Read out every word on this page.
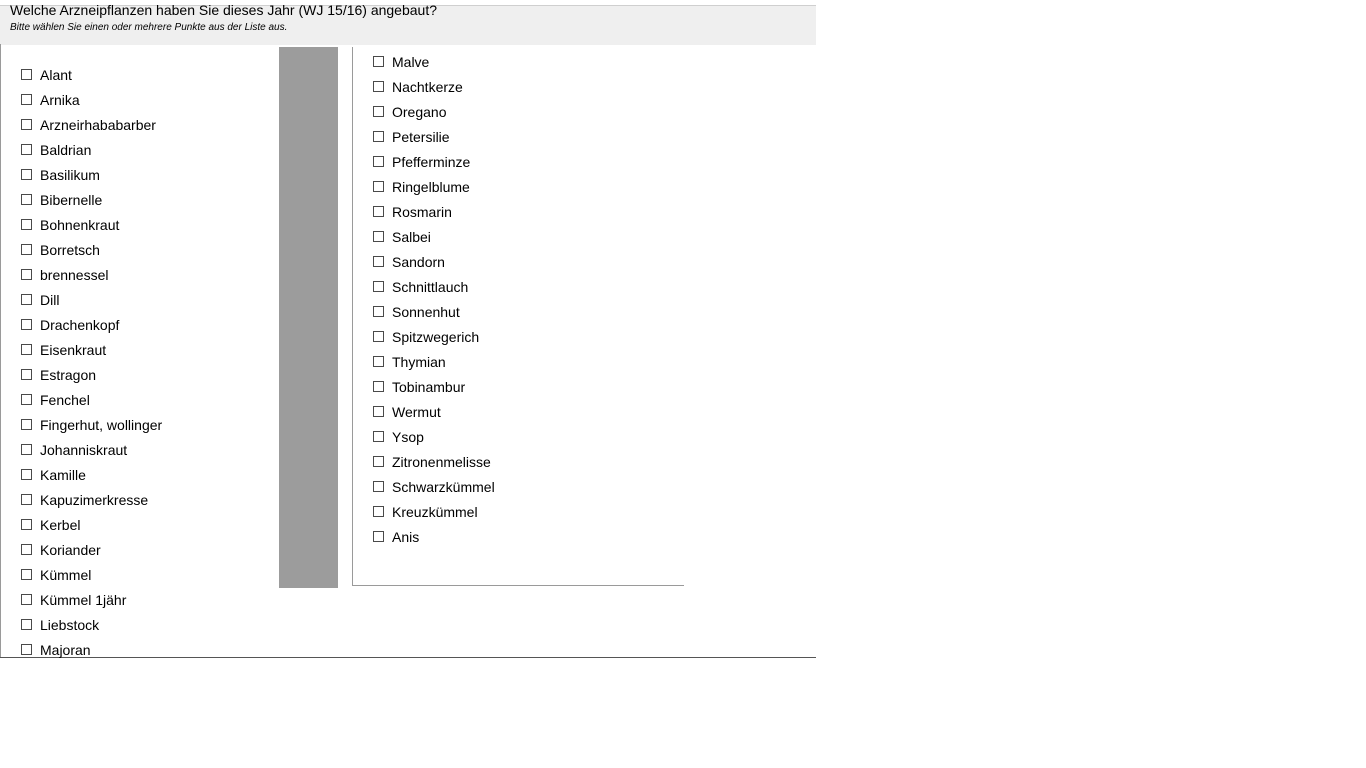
Welche Arzneipflanzen haben Sie dieses Jahr (WJ 15/16) angebaut?
Bitte wählen Sie einen oder mehrere Punkte aus der Liste aus.
Alant
Arnika
Arzneirhababarber
Baldrian
Basilikum
Bibernelle
Bohnenkraut
Borretsch
brennessel
Dill
Drachenkopf
Eisenkraut
Estragon
Fenchel
Fingerhut, wollinger
Johanniskraut
Kamille
Kapuzimerkresse
Kerbel
Koriander
Kümmel
Kümmel 1jähr
Liebstock
Majoran
Malve
Nachtkerze
Oregano
Petersilie
Pfefferminze
Ringelblume
Rosmarin
Salbei
Sandorn
Schnittlauch
Sonnenhut
Spitzwegerich
Thymian
Tobinambur
Wermut
Ysop
Zitronenmelisse
Schwarzkümmel
Kreuzkümmel
Anis
